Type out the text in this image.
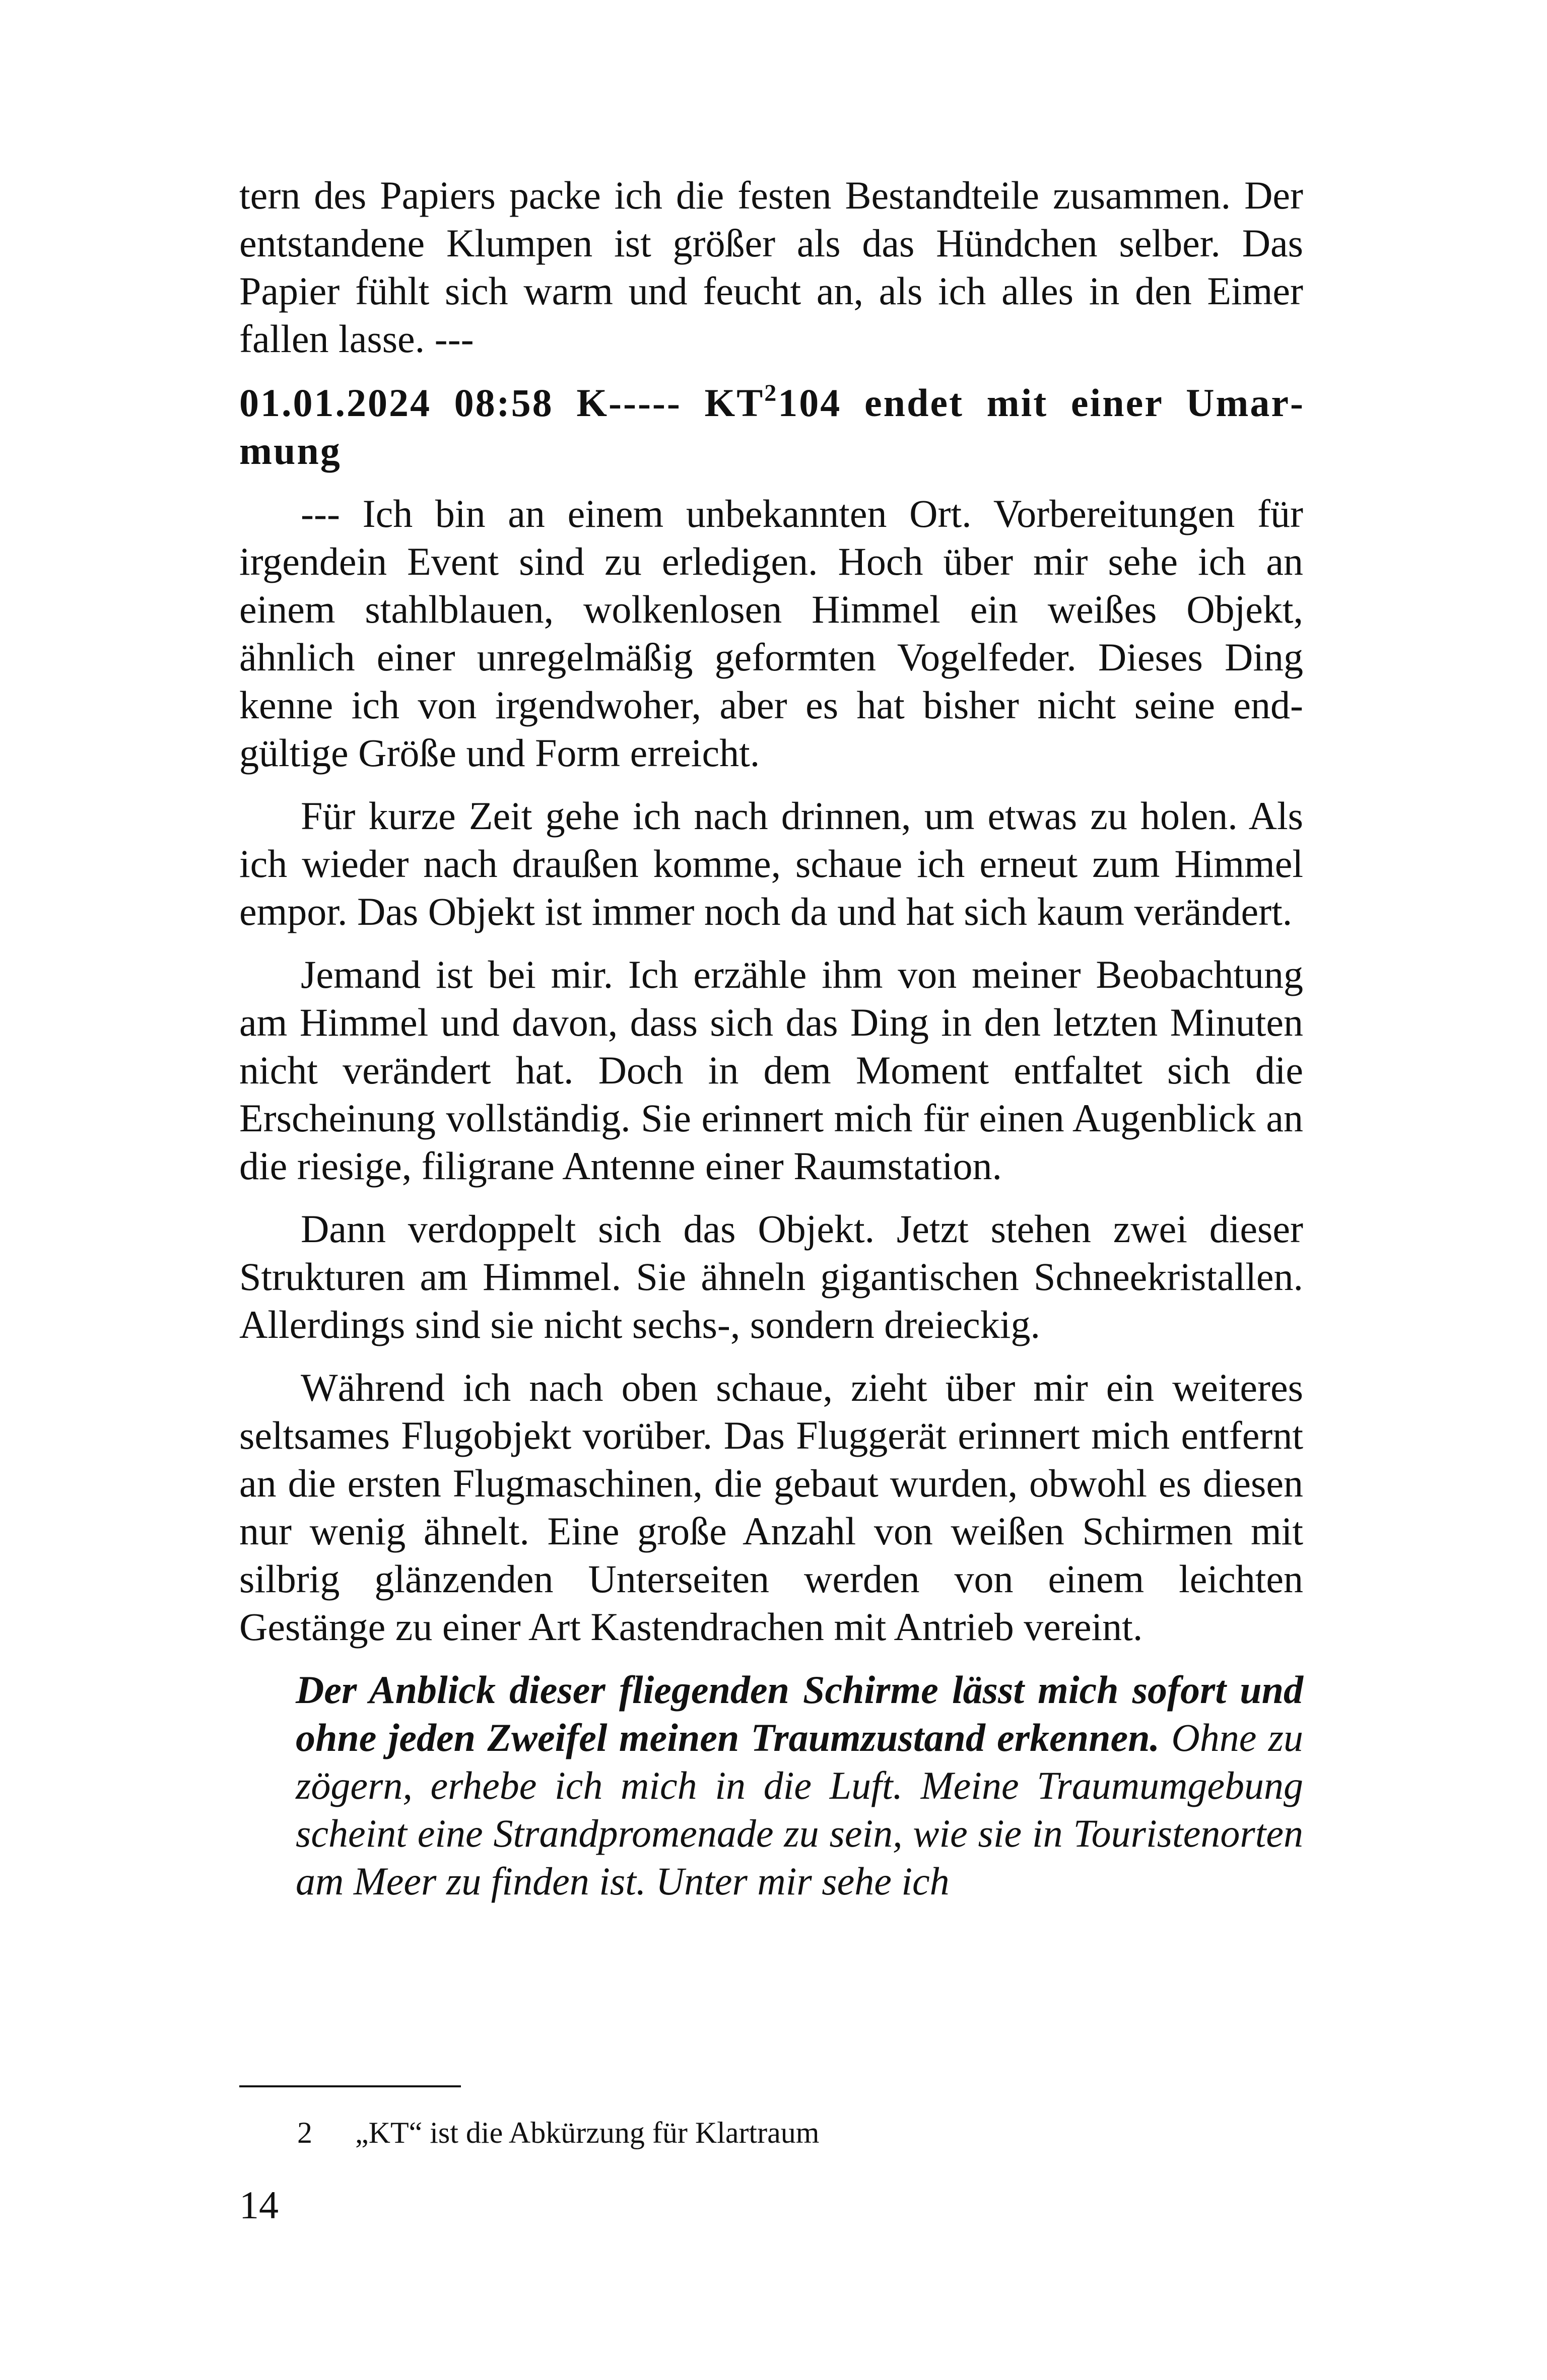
tern des Papiers packe ich die festen Bestandteile zusammen. Der entstandene Klumpen ist größer als das Hündchen selber. Das Papier fühlt sich warm und feucht an, als ich alles in den Eimer fallen lasse. ---

01.01.2024 08:58 K----- $KT^2104$ endet mit einer Umarmung

--- Ich bin an einem unbekannten Ort. Vorbereitungen für irgendein Event sind zu erledigen. Hoch über mir sehe ich an einem stahlblauen, wolkenlosen Himmel ein weißes Objekt, ähnlich einer unregelmäßig geformten Vogelfeder. Dieses Ding kenne ich von irgendwoher, aber es hat bisher nicht seine endgültige Größe und Form erreicht.

Für kurze Zeit gehe ich nach drinnen, um etwas zu holen. Als ich wieder nach draußen komme, schaue ich erneut zum Himmel empor. Das Objekt ist immer noch da und hat sich kaum verändert.

Jemand ist bei mir. Ich erzähle ihm von meiner Beobachtung am Himmel und davon, dass sich das Ding in den letzten Minuten nicht verändert hat. Doch in dem Moment entfaltet sich die Erscheinung vollständig. Sie erinnert mich für einen Augenblick an die riesige, filigrane Antenne einer Raumstation.

Dann verdoppelt sich das Objekt. Jetzt stehen zwei dieser Strukturen am Himmel. Sie ähneln gigantischen Schneekristallen. Allerdings sind sie nicht sechs-, sondern dreieckig.

Während ich nach oben schaue, zieht über mir ein weiteres seltsames Flugobjekt vorüber. Das Fluggerät erinnert mich entfernt an die ersten Flugmaschinen, die gebaut wurden, obwohl es diesen nur wenig ähnelt. Eine große Anzahl von weißen Schirmen mit silbrig glänzenden Unterseiten werden von einem leichten Gestänge zu einer Art Kastendrachen mit Antrieb vereint.

Der Anblick dieser fliegenden Schirme lässt mich sofort und ohne jeden Zweifel meinen Traumzustand erkennen. Ohne zu zögern, erhebe ich mich in die Luft. Meine Traumumgebung scheint eine Strandpromenade zu sein, wie sie in Touristenorten am Meer zu finden ist. Unter mir sehe ich

2 „KT“ ist die Abkürzung für Klartraum
14
